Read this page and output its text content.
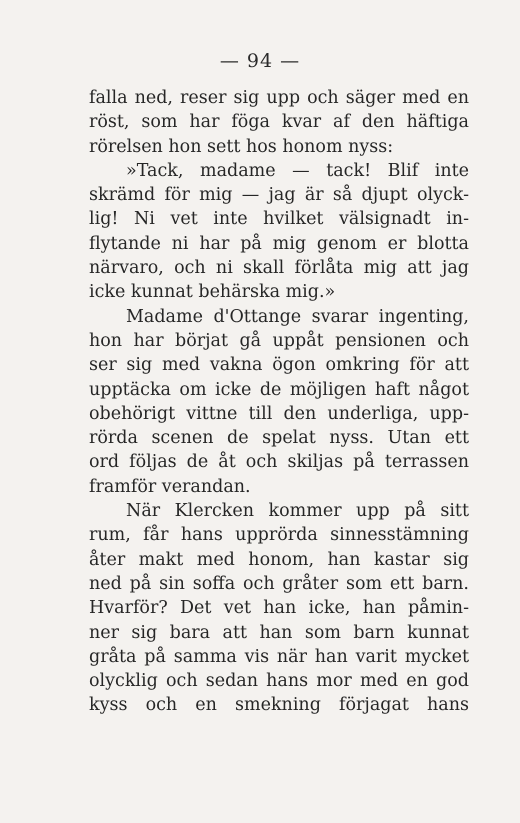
— 94 —
falla ned, reser sig upp och säger med en
röst, som har föga kvar af den häftiga
rörelsen hon sett hos honom nyss:
»Tack, madame — tack! Blif inte
skrämd för mig — jag är så djupt olyck-
lig! Ni vet inte hvilket välsignadt in-
flytande ni har på mig genom er blotta
närvaro, och ni skall förlåta mig att jag
icke kunnat behärska mig.»
Madame d'Ottange svarar ingenting,
hon har börjat gå uppåt pensionen och
ser sig med vakna ögon omkring för att
upptäcka om icke de möjligen haft något
obehörigt vittne till den underliga, upp-
rörda scenen de spelat nyss. Utan ett
ord följas de åt och skiljas på terrassen
framför verandan.
När Klercken kommer upp på sitt
rum, får hans upprörda sinnesstämning
åter makt med honom, han kastar sig
ned på sin soffa och gråter som ett barn.
Hvarför? Det vet han icke, han påmin-
ner sig bara att han som barn kunnat
gråta på samma vis när han varit mycket
olycklig och sedan hans mor med en god
kyss och en smekning förjagat hans
